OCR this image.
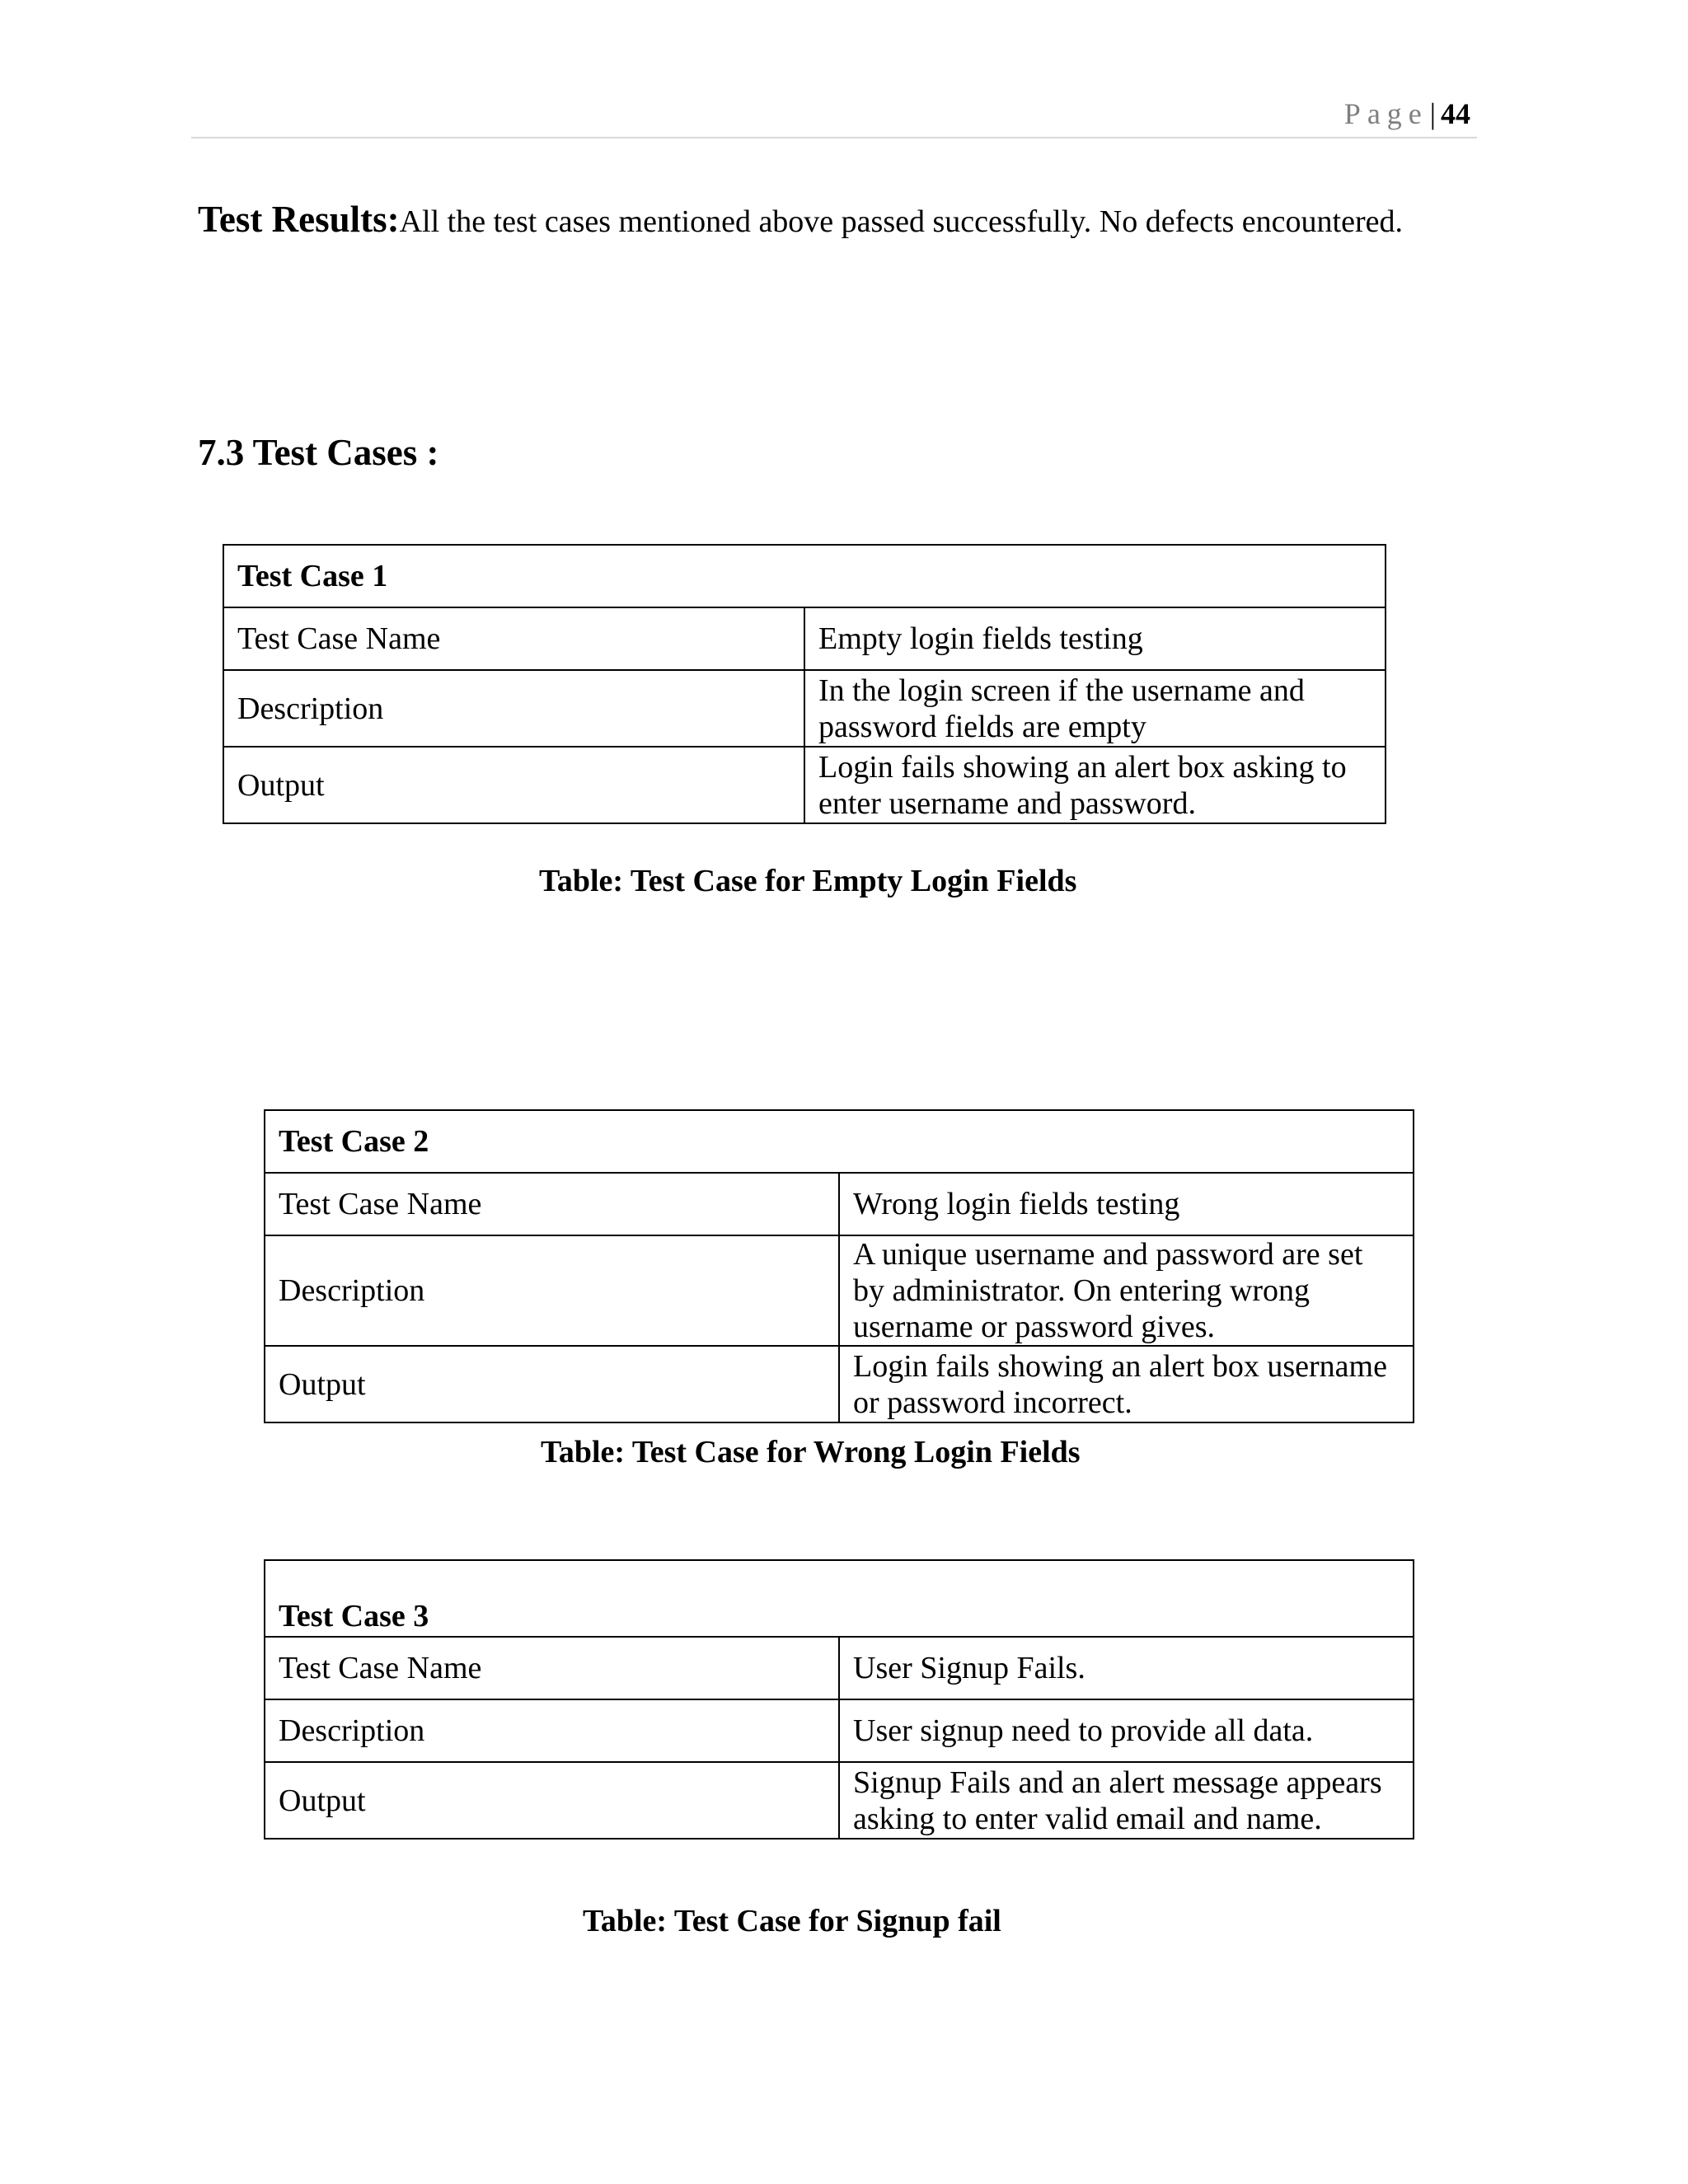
Page| 44
Test Results:All the test cases mentioned above passed successfully. No defects encountered.
7.3 Test Cases :
Test Case 1	
Test Case Name	Empty login fields testing
Description	In the login screen if the username and password fields are empty
Output	Login fails showing an alert box asking to enter username and password.
Table: Test Case for Empty Login Fields
Test Case 2	
Test Case Name	Wrong login fields testing
Description	A unique username and password are set by administrator. On entering wrong username or password gives.
Output	Login fails showing an alert box username or password incorrect.
Table: Test Case for Wrong Login Fields
Test Case 3	
Test Case Name	User Signup Fails.
Description	User signup need to provide all data.
Output	Signup Fails and an alert message appears asking to enter valid email and name.
Table: Test Case for Signup fail
